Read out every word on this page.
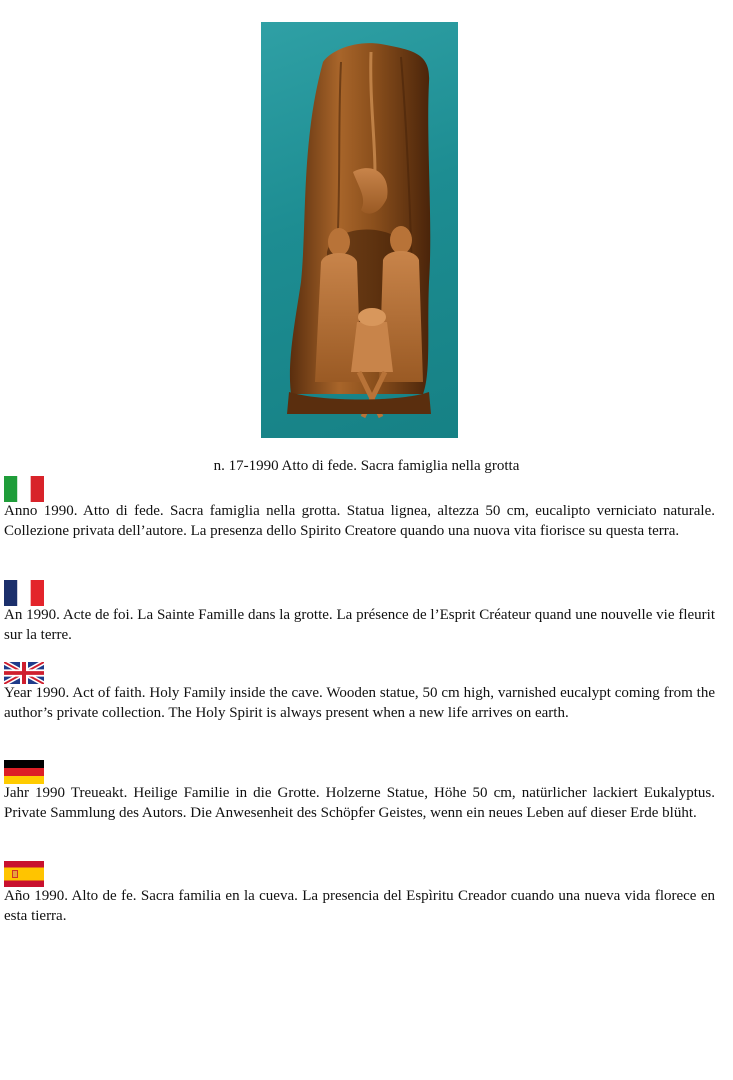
n. 17-1990 Atto di fede. Sacra famiglia nella grotta

Anno 1990. Atto di fede. Sacra famiglia nella grotta. Statua lignea, altezza 50 cm, eucalipto verniciato naturale. Collezione privata dell’autore. La presenza dello Spirito Creatore quando una nuova vita fiorisce su questa terra.

An 1990. Acte de foi. La Sainte Famille dans la grotte. La présence de l’Esprit Créateur quand une nouvelle vie fleurit sur la terre.

Year 1990. Act of faith. Holy Family inside the cave. Wooden statue, 50 cm high, varnished eucalypt coming from the author’s private collection. The Holy Spirit is always present when a new life arrives on earth.

Jahr 1990 Treueakt. Heilige Familie in die Grotte. Holzerne Statue, Höhe 50 cm, natürlicher lackiert Eukalyptus. Private Sammlung des Autors. Die Anwesenheit des Schöpfer Geistes, wenn ein neues Leben auf dieser Erde blüht.

Año 1990. Alto de fe. Sacra familia en la cueva. La presencia del Espìritu Creador cuando una nueva vida florece en esta tierra.
